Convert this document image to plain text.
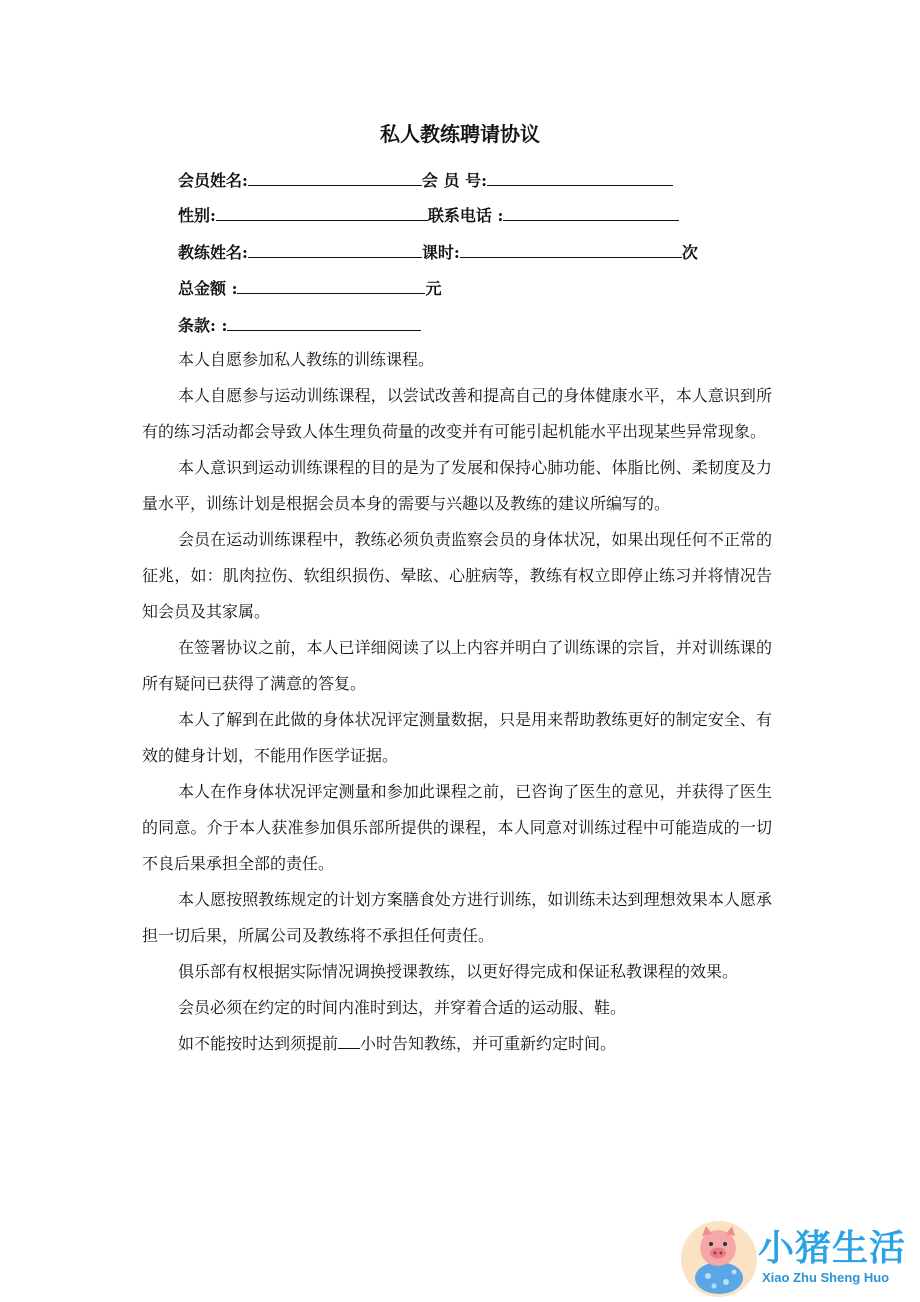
私人教练聘请协议
会员姓名:	会 员 号:
性别:	联系电话 :
教练姓名:	课时:	次
总金额 :	元
条款: :

本人自愿参加私人教练的训练课程。

本人自愿参与运动训练课程，以尝试改善和提高自己的身体健康水平，本人意识到所有的练习活动都会导致人体生理负荷量的改变并有可能引起机能水平出现某些异常现象。

本人意识到运动训练课程的目的是为了发展和保持心肺功能、体脂比例、柔韧度及力量水平，训练计划是根据会员本身的需要与兴趣以及教练的建议所编写的。

会员在运动训练课程中，教练必须负责监察会员的身体状况，如果出现任何不正常的征兆，如：肌肉拉伤、软组织损伤、晕眩、心脏病等，教练有权立即停止练习并将情况告知会员及其家属。

在签署协议之前，本人已详细阅读了以上内容并明白了训练课的宗旨，并对训练课的所有疑问已获得了满意的答复。

本人了解到在此做的身体状况评定测量数据，只是用来帮助教练更好的制定安全、有效的健身计划，不能用作医学证据。

本人在作身体状况评定测量和参加此课程之前，已咨询了医生的意见，并获得了医生的同意。介于本人获准参加俱乐部所提供的课程，本人同意对训练过程中可能造成的一切不良后果承担全部的责任。

本人愿按照教练规定的计划方案膳食处方进行训练，如训练未达到理想效果本人愿承担一切后果，所属公司及教练将不承担任何责任。

俱乐部有权根据实际情况调换授课教练，以更好得完成和保证私教课程的效果。

会员必须在约定的时间内准时到达，并穿着合适的运动服、鞋。

如不能按时达到须提前 小时告知教练，并可重新约定时间。

小猪生活
Xiao Zhu Sheng Huo
